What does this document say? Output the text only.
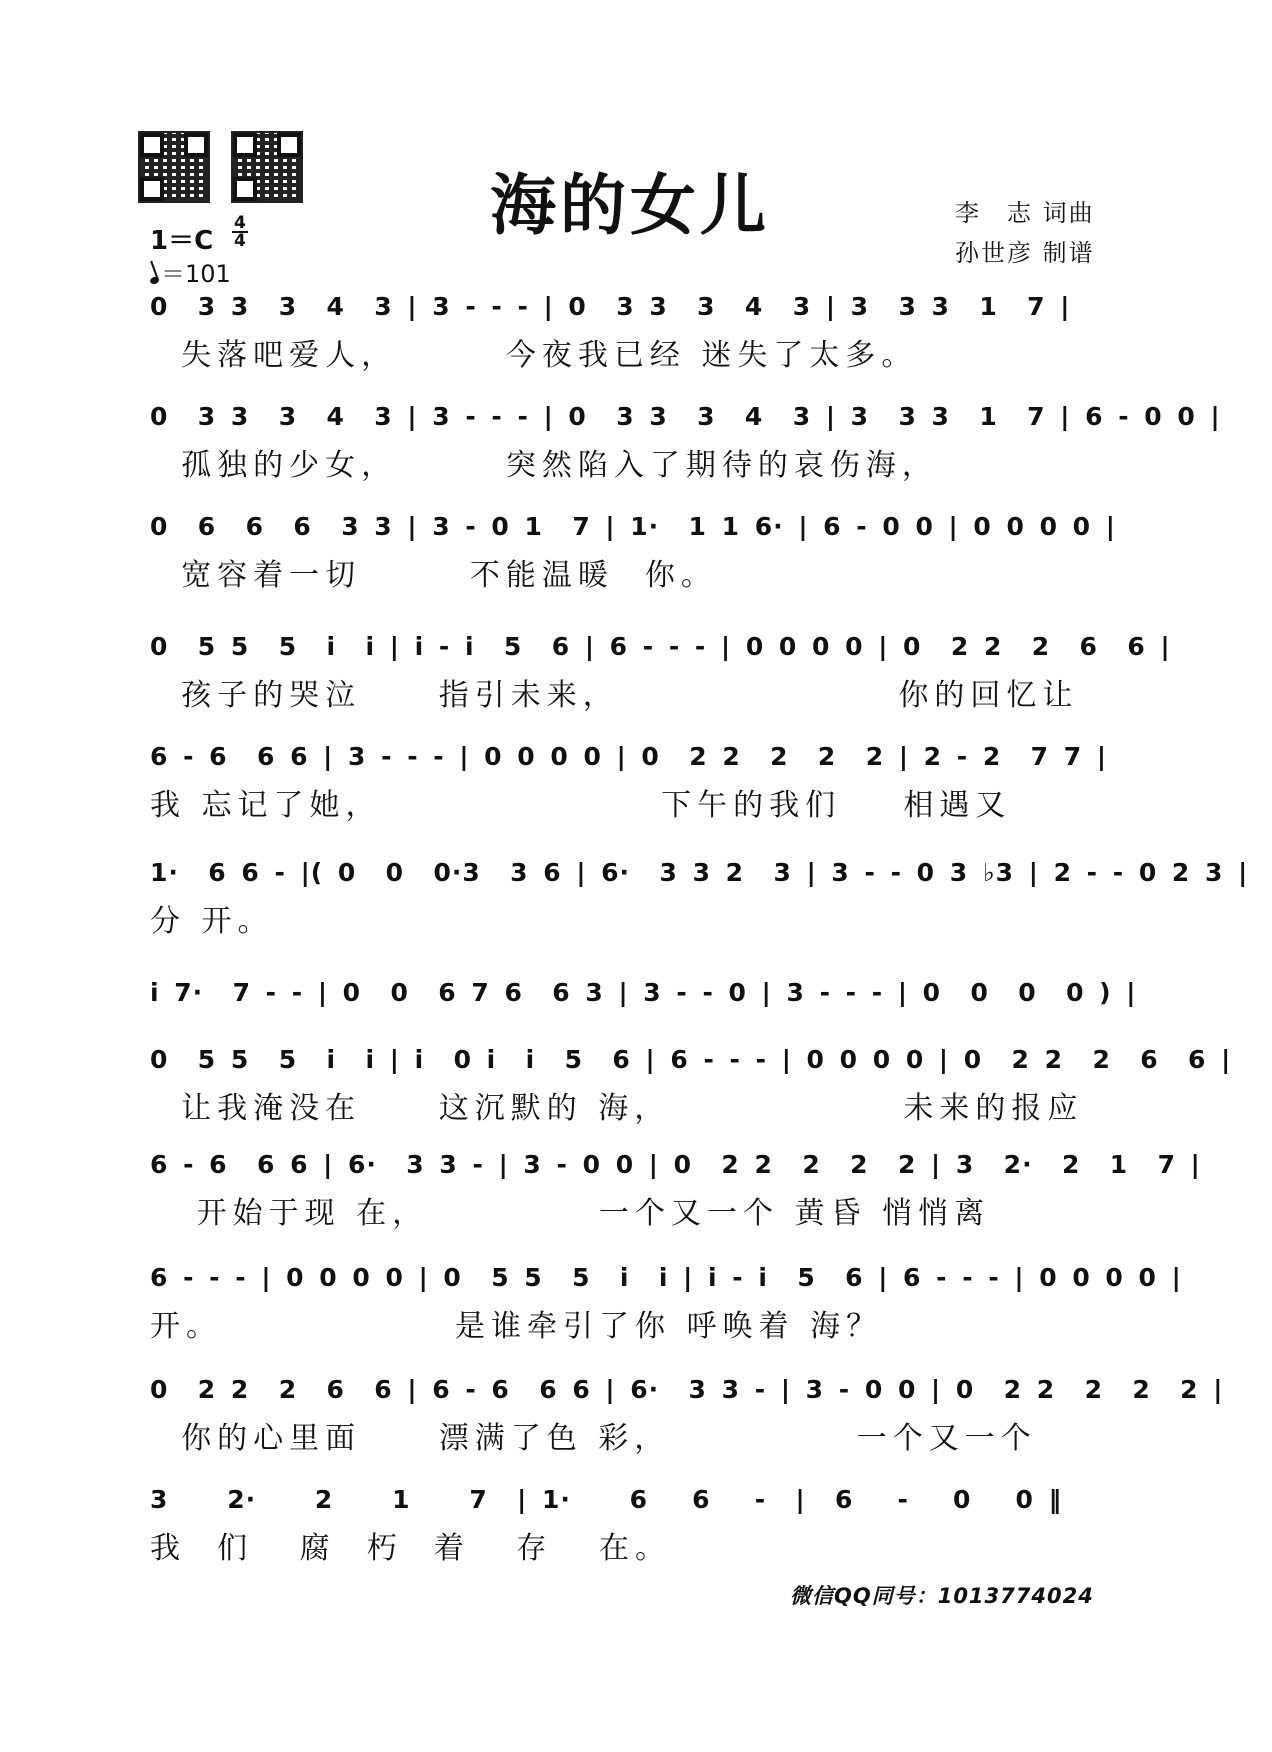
海的女儿	李　志 词曲
孙世彦 制谱
1＝C
4
4
＝101
0  3 3  3  4  3 | 3 - - - | 0  3 3  3  4  3 | 3  3 3  1  7 |
失落吧爱人，       今夜我已经 迷失了太多。
0  3 3  3  4  3 | 3 - - - | 0  3 3  3  4  3 | 3  3 3  1  7 | 6 - 0 0 |
孤独的少女，       突然陷入了期待的哀伤海，
0  6  6  6  3 3 | 3 - 0 1  7 | 1·  1 1 6· | 6 - 0 0 | 0 0 0 0 |
宽容着一切       不能温暖  你。
0  5 5  5  i  i | i - i  5  6 | 6 - - - | 0 0 0 0 | 0  2 2  2  6  6 |
孩子的哭泣     指引未来，                  你的回忆让
6 - 6  6 6 | 3 - - - | 0 0 0 0 | 0  2 2  2  2  2 | 2 - 2  7 7 |
我 忘记了她，                  下午的我们    相遇又
1·  6 6 - |( 0  0  0·3  3 6 | 6·  3 3 2  3 | 3 - - 0 3 ♭3 | 2 - - 0 2 3 |
分 开。
i 7·  7 - - | 0  0  6 7 6  6 3 | 3 - - 0 | 3 - - - | 0  0  0  0 ) |
0  5 5  5  i  i | i  0 i  i  5  6 | 6 - - - | 0 0 0 0 | 0  2 2  2  6  6 |
让我淹没在     这沉默的 海，               未来的报应
6 - 6  6 6 | 6·  3 3 - | 3 - 0 0 | 0  2 2  2  2  2 | 3  2·  2  1  7 |
开始于现 在，           一个又一个 黄昏 悄悄离
6 - - - | 0 0 0 0 | 0  5 5  5  i  i | i - i  5  6 | 6 - - - | 0 0 0 0 |
开。               是谁牵引了你 呼唤着 海？
0  2 2  2  6  6 | 6 - 6  6 6 | 6·  3 3 - | 3 - 0 0 | 0  2 2  2  2  2 |
你的心里面     漂满了色 彩，            一个又一个
3    2·    2    1    7  | 1·    6   6   -  |  6   -   0   0 ‖
我  们   腐  朽  着   存   在。
微信QQ同号：1013774024
